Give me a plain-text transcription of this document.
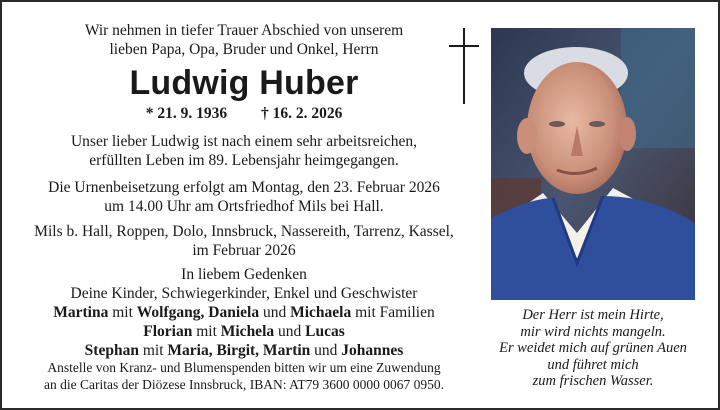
Wir nehmen in tiefer Trauer Abschied von unserem
lieben Papa, Opa, Bruder und Onkel, Herrn
Ludwig Huber
* 21. 9. 1936 † 16. 2. 2026
Unser lieber Ludwig ist nach einem sehr arbeitsreichen,
erfüllten Leben im 89. Lebensjahr heimgegangen.
Die Urnenbeisetzung erfolgt am Montag, den 23. Februar 2026
um 14.00 Uhr am Ortsfriedhof Mils bei Hall.
Mils b. Hall, Roppen, Dolo, Innsbruck, Nassereith, Tarrenz, Kassel,
im Februar 2026
In liebem Gedenken
Deine Kinder, Schwiegerkinder, Enkel und Geschwister
Martina mit Wolfgang, Daniela und Michaela mit Familien
Florian mit Michela und Lucas
Stephan mit Maria, Birgit, Martin und Johannes
Anstelle von Kranz- und Blumenspenden bitten wir um eine Zuwendung
an die Caritas der Diözese Innsbruck, IBAN: AT79 3600 0000 0067 0950.
Der Herr ist mein Hirte,
mir wird nichts mangeln.
Er weidet mich auf grünen Auen
und führet mich
zum frischen Wasser.
